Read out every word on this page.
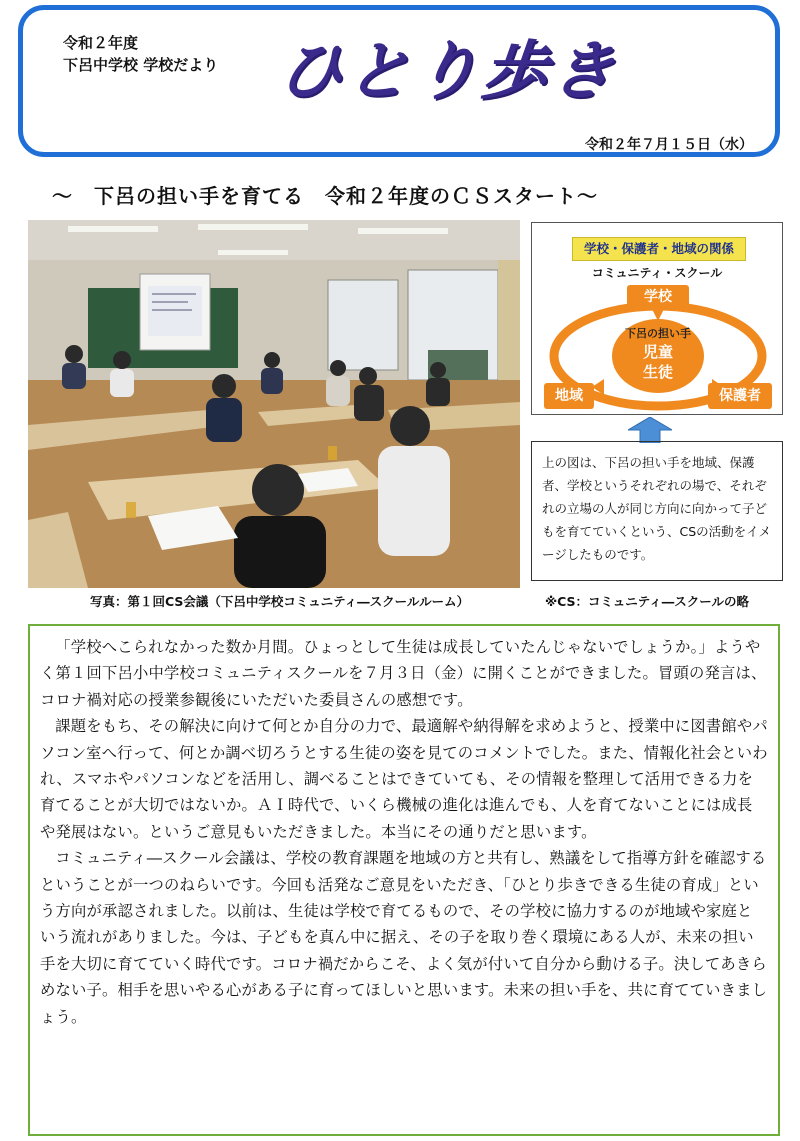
令和２年度
下呂中学校 学校だより ひとり歩き
令和２年７月１５日（水）
～　下呂の担い手を育てる　令和２年度のＣＳスタート～
写真：第１回CS会議（下呂中学校コミュニティ―スクールルーム）
学校・保護者・地域の関係
コミュニティ・スクール
学校
下呂の担い手
児童
生徒
地域	保護者
上の図は、下呂の担い手を地域、保護者、学校というそれぞれの場で、それぞれの立場の人が同じ方向に向かって子どもを育てていくという、CSの活動をイメージしたものです。
※CS：コミュニティ―スクールの略

「学校へこられなかった数か月間。ひょっとして生徒は成長していたんじゃないでしょうか。」ようやく第１回下呂小中学校コミュニティスクールを７月３日（金）に開くことができました。冒頭の発言は、コロナ禍対応の授業参観後にいただいた委員さんの感想です。

課題をもち、その解決に向けて何とか自分の力で、最適解や納得解を求めようと、授業中に図書館やパソコン室へ行って、何とか調べ切ろうとする生徒の姿を見てのコメントでした。また、情報化社会といわれ、スマホやパソコンなどを活用し、調べることはできていても、その情報を整理して活用できる力を育てることが大切ではないか。ＡＩ時代で、いくら機械の進化は進んでも、人を育てないことには成長や発展はない。というご意見もいただきました。本当にその通りだと思います。

コミュニティ―スクール会議は、学校の教育課題を地域の方と共有し、熟議をして指導方針を確認するということが一つのねらいです。今回も活発なご意見をいただき、「ひとり歩きできる生徒の育成」という方向が承認されました。以前は、生徒は学校で育てるもので、その学校に協力するのが地域や家庭という流れがありました。今は、子どもを真ん中に据え、その子を取り巻く環境にある人が、未来の担い手を大切に育てていく時代です。コロナ禍だからこそ、よく気が付いて自分から動ける子。決してあきらめない子。相手を思いやる心がある子に育ってほしいと思います。未来の担い手を、共に育てていきましょう。
